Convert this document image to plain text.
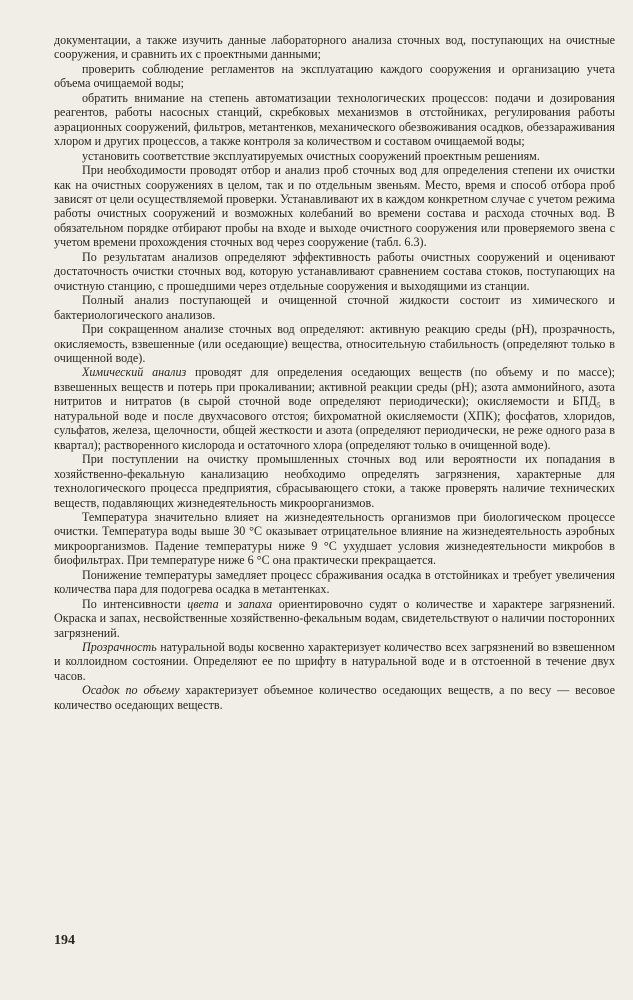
документации, а также изучить данные лабораторного анализа сточных вод, поступающих на очистные сооружения, и сравнить их с проектными данными;

проверить соблюдение регламентов на эксплуатацию каждого сооружения и организацию учета объема очищаемой воды;

обратить внимание на степень автоматизации технологических процессов: подачи и дозирования реагентов, работы насосных станций, скребковых механизмов в отстойниках, регулирования работы аэрационных сооружений, фильтров, метантенков, механического обезвоживания осадков, обеззараживания хлором и других процессов, а также контроля за количеством и составом очищаемой воды;

установить соответствие эксплуатируемых очистных сооружений проектным решениям.

При необходимости проводят отбор и анализ проб сточных вод для определения степени их очистки как на очистных сооружениях в целом, так и по отдельным звеньям. Место, время и способ отбора проб зависят от цели осуществляемой проверки. Устанавливают их в каждом конкретном случае с учетом режима работы очистных сооружений и возможных колебаний во времени состава и расхода сточных вод. В обязательном порядке отбирают пробы на входе и выходе очистного сооружения или проверяемого звена с учетом времени прохождения сточных вод через сооружение (табл. 6.3).

По результатам анализов определяют эффективность работы очистных сооружений и оценивают достаточность очистки сточных вод, которую устанавливают сравнением состава стоков, поступающих на очистную станцию, с прошедшими через отдельные сооружения и выходящими из станции.

Полный анализ поступающей и очищенной сточной жидкости состоит из химического и бактериологического анализов.

При сокращенном анализе сточных вод определяют: активную реакцию среды (pH), прозрачность, окисляемость, взвешенные (или оседающие) вещества, относительную стабильность (определяют только в очищенной воде).

Химический анализ проводят для определения оседающих веществ (по объему и по массе); взвешенных веществ и потерь при прокаливании; активной реакции среды (pH); азота аммонийного, азота нитритов и нитратов (в сырой сточной воде определяют периодически); окисляемости и БПД₅ в натуральной воде и после двухчасового отстоя; бихроматной окисляемости (ХПК); фосфатов, хлоридов, сульфатов, железа, щелочности, общей жесткости и азота (определяют периодически, не реже одного раза в квартал); растворенного кислорода и остаточного хлора (определяют только в очищенной воде).

При поступлении на очистку промышленных сточных вод или вероятности их попадания в хозяйственно-фекальную канализацию необходимо определять загрязнения, характерные для технологического процесса предприятия, сбрасывающего стоки, а также проверять наличие технических веществ, подавляющих жизнедеятельность микроорганизмов.

Температура значительно влияет на жизнедеятельность организмов при биологическом процессе очистки. Температура воды выше 30 °С оказывает отрицательное влияние на жизнедеятельность аэробных микроорганизмов. Падение температуры ниже 9 °С ухудшает условия жизнедеятельности микробов в биофильтрах. При температуре ниже 6 °С она практически прекращается.

Понижение температуры замедляет процесс сбраживания осадка в отстойниках и требует увеличения количества пара для подогрева осадка в метантенках.

По интенсивности цвета и запаха ориентировочно судят о количестве и характере загрязнений. Окраска и запах, несвойственные хозяйственно-фекальным водам, свидетельствуют о наличии посторонних загрязнений.

Прозрачность натуральной воды косвенно характеризует количество всех загрязнений во взвешенном и коллоидном состоянии. Определяют ее по шрифту в натуральной воде и в отстоенной в течение двух часов.

Осадок по объему характеризует объемное количество оседающих веществ, а по весу — весовое количество оседающих веществ.

194
